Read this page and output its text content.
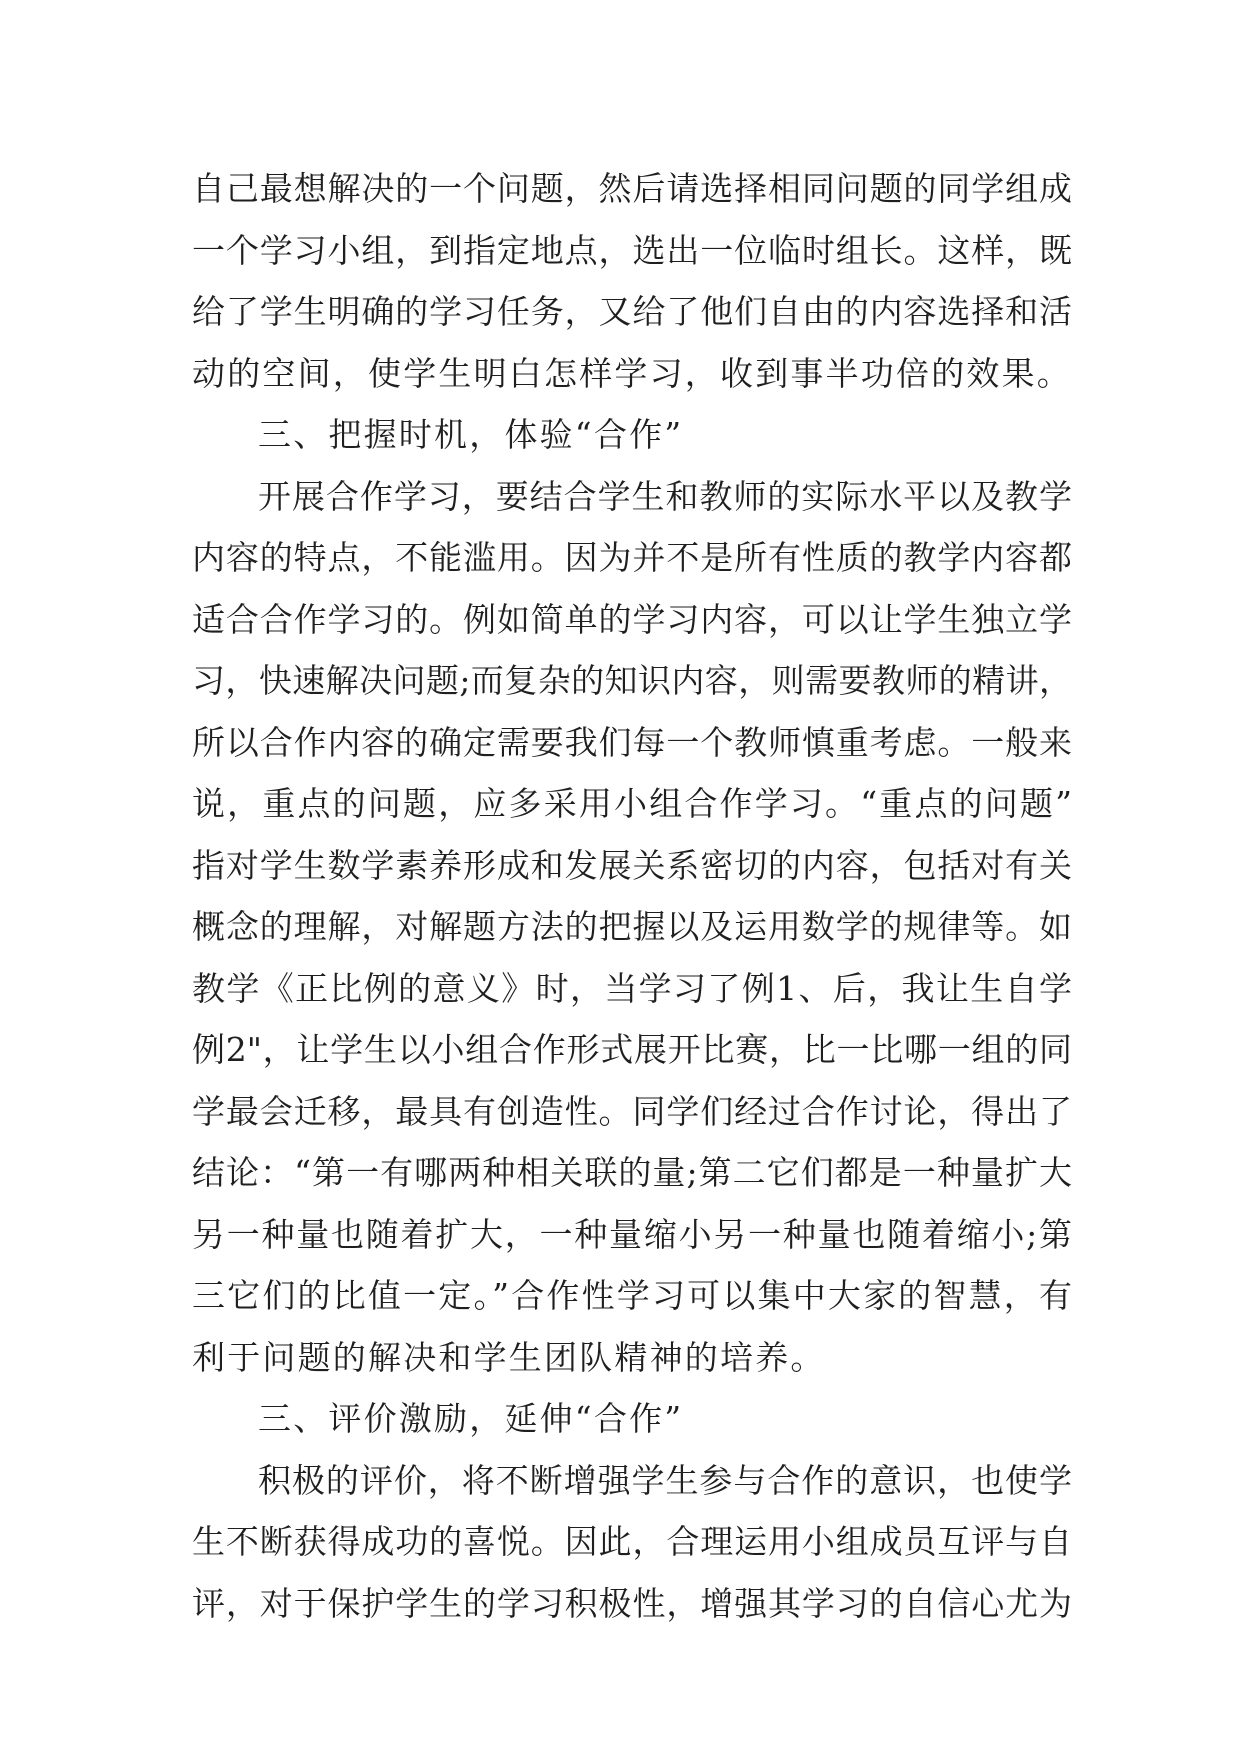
自己最想解决的一个问题，然后请选择相同问题的同学组成
一个学习小组，到指定地点，选出一位临时组长。这样，既
给了学生明确的学习任务，又给了他们自由的内容选择和活
动的空间，使学生明白怎样学习，收到事半功倍的效果。
三、把握时机，体验“合作”
开展合作学习，要结合学生和教师的实际水平以及教学
内容的特点，不能滥用。因为并不是所有性质的教学内容都
适合合作学习的。例如简单的学习内容，可以让学生独立学
习，快速解决问题;而复杂的知识内容，则需要教师的精讲，
所以合作内容的确定需要我们每一个教师慎重考虑。一般来
说，重点的问题，应多采用小组合作学习。“重点的问题”
指对学生数学素养形成和发展关系密切的内容，包括对有关
概念的理解，对解题方法的把握以及运用数学的规律等。如
教学《正比例的意义》时，当学习了例1、后，我让生自学
例2"，让学生以小组合作形式展开比赛，比一比哪一组的同
学最会迁移，最具有创造性。同学们经过合作讨论，得出了
结论：“第一有哪两种相关联的量;第二它们都是一种量扩大
另一种量也随着扩大，一种量缩小另一种量也随着缩小;第
三它们的比值一定。”合作性学习可以集中大家的智慧，有
利于问题的解决和学生团队精神的培养。
三、评价激励，延伸“合作”
积极的评价，将不断增强学生参与合作的意识，也使学
生不断获得成功的喜悦。因此，合理运用小组成员互评与自
评，对于保护学生的学习积极性，增强其学习的自信心尤为
